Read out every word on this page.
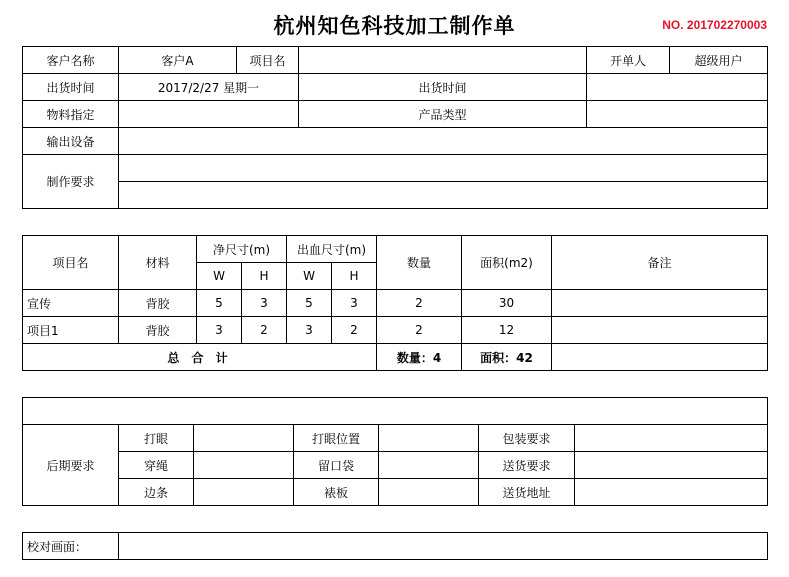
杭州知色科技加工制作单	NO. 201702270003
客户名称	客户A	项目名		开单人	超级用户
出货时间	2017/2/27 星期一		出货时间		
物料指定			产品类型		
输出设备					
制作要求					

项目名	材料	净尺寸(m)		出血尺寸(m)		数量	面积(m2)	备注
		W	H	W	H			
宣传	背胶	5	3	5	3	2	30	
项目1	背胶	3	2	3	2	2	12	
总 合 计						数量：4	面积：42	

后期要求	打眼		打眼位置		包装要求	
	穿绳		留口袋		送货要求	
	边条		裱板		送货地址	
校对画面：	
